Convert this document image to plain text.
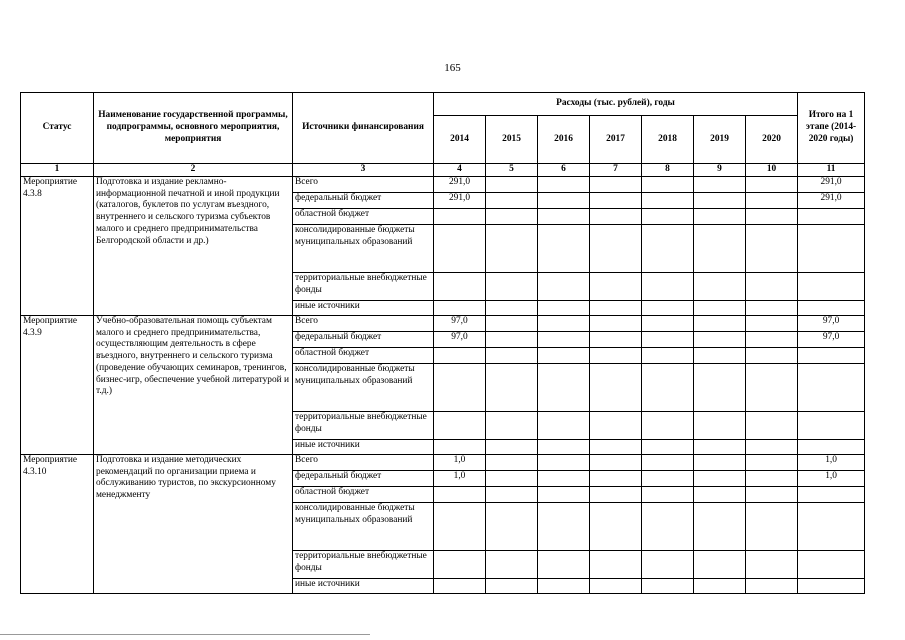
165
Статус	Наименование государственной программы, подпрограммы, основного мероприятия, мероприятия	Источники финансирования	Расходы (тыс. рублей), годы							Итого на 1 этапе (2014-2020 годы)
			2014	2015	2016	2017	2018	2019	2020	
1	2	3	4	5	6	7	8	9	10	11
Мероприятие 4.3.8	Подготовка и издание рекламно-информационной печатной и иной продукции (каталогов, буклетов по услугам въездного, внутреннего и сельского туризма субъектов малого и среднего предпринимательства Белгородской области и др.)	Всего	291,0							291,0
		федеральный бюджет	291,0							291,0
		областной бюджет								
		консолидированные бюджеты муниципальных образований								
		территориальные внебюджетные фонды								
		иные источники								
Мероприятие 4.3.9	Учебно-образовательная помощь субъектам малого и среднего предпринимательства, осуществляющим деятельность в сфере въездного, внутреннего и сельского туризма (проведение обучающих семинаров, тренингов, бизнес-игр, обеспечение учебной литературой и т.д.)	Всего	97,0							97,0
		федеральный бюджет	97,0							97,0
		областной бюджет								
		консолидированные бюджеты муниципальных образований								
		территориальные внебюджетные фонды								
		иные источники								
Мероприятие 4.3.10	Подготовка и издание методических рекомендаций по организации приема и обслуживанию туристов, по экскурсионному менеджменту	Всего	1,0							1,0
		федеральный бюджет	1,0							1,0
		областной бюджет								
		консолидированные бюджеты муниципальных образований								
		территориальные внебюджетные фонды								
		иные источники								
